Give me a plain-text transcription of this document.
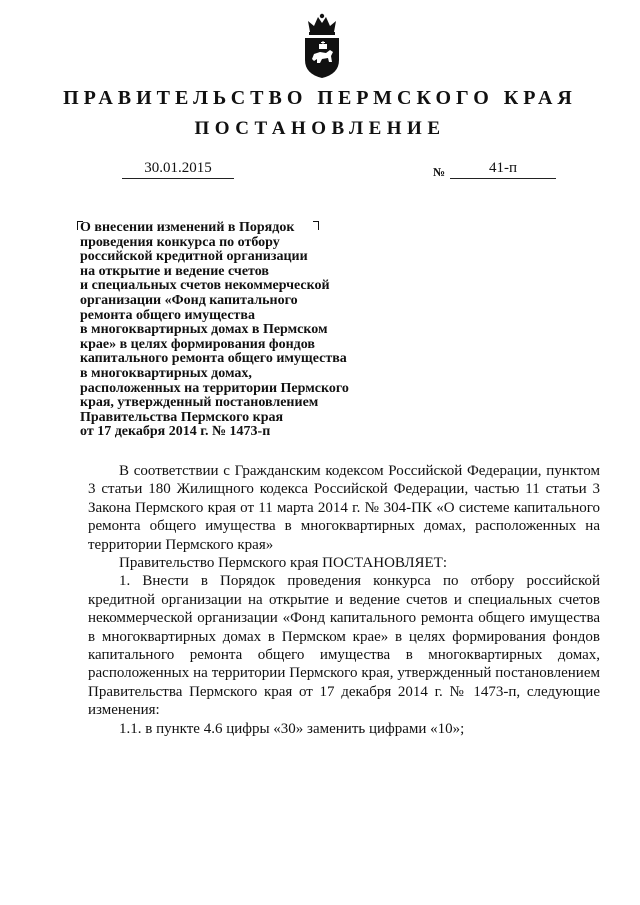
ПРАВИТЕЛЬСТВО ПЕРМСКОГО КРАЯ
ПОСТАНОВЛЕНИЕ
30.01.2015	№	41-п
О внесении изменений в Порядок
проведения конкурса по отбору
российской кредитной организации
на открытие и ведение счетов
и специальных счетов некоммерческой
организации «Фонд капитального
ремонта общего имущества
в многоквартирных домах в Пермском
крае» в целях формирования фондов
капитального ремонта общего имущества
в многоквартирных домах,
расположенных на территории Пермского
края, утвержденный постановлением
Правительства Пермского края
от 17 декабря 2014 г. № 1473-п
В соответствии с Гражданским кодексом Российской Федерации, пунктом 3 статьи 180 Жилищного кодекса Российской Федерации, частью 11 статьи 3 Закона Пермского края от 11 марта 2014 г. № 304-ПК «О системе капитального ремонта общего имущества в многоквартирных домах, расположенных на территории Пермского края»
Правительство Пермского края ПОСТАНОВЛЯЕТ:
1. Внести в Порядок проведения конкурса по отбору российской кредитной организации на открытие и ведение счетов и специальных счетов некоммерческой организации «Фонд капитального ремонта общего имущества в многоквартирных домах в Пермском крае» в целях формирования фондов капитального ремонта общего имущества в многоквартирных домах, расположенных на территории Пермского края, утвержденный постановлением Правительства Пермского края от 17 декабря 2014 г. № 1473-п, следующие изменения:
1.1. в пункте 4.6 цифры «30» заменить цифрами «10»;
